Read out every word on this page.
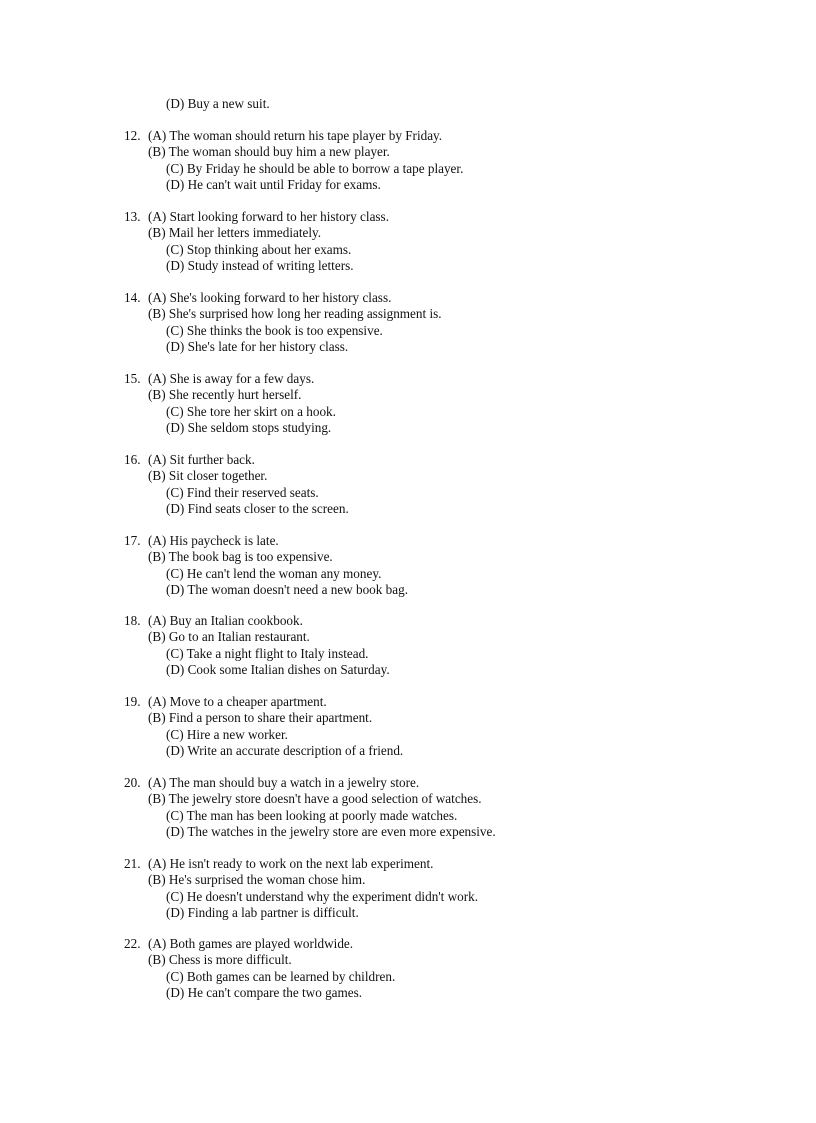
(D) Buy a new suit.
12. (A) The woman should return his tape player by Friday.
(B) The woman should buy him a new player.
(C) By Friday he should be able to borrow a tape player.
(D) He can't wait until Friday for exams.
13. (A) Start looking forward to her history class.
(B) Mail her letters immediately.
(C) Stop thinking about her exams.
(D) Study instead of writing letters.
14. (A) She's looking forward to her history class.
(B) She's surprised how long her reading assignment is.
(C) She thinks the book is too expensive.
(D) She's late for her history class.
15. (A) She is away for a few days.
(B) She recently hurt herself.
(C) She tore her skirt on a hook.
(D) She seldom stops studying.
16. (A) Sit further back.
(B) Sit closer together.
(C) Find their reserved seats.
(D) Find seats closer to the screen.
17. (A) His paycheck is late.
(B) The book bag is too expensive.
(C) He can't lend the woman any money.
(D) The woman doesn't need a new book bag.
18. (A) Buy an Italian cookbook.
(B) Go to an Italian restaurant.
(C) Take a night flight to Italy instead.
(D) Cook some Italian dishes on Saturday.
19. (A) Move to a cheaper apartment.
(B) Find a person to share their apartment.
(C) Hire a new worker.
(D) Write an accurate description of a friend.
20. (A) The man should buy a watch in a jewelry store.
(B) The jewelry store doesn't have a good selection of watches.
(C) The man has been looking at poorly made watches.
(D) The watches in the jewelry store are even more expensive.
21. (A) He isn't ready to work on the next lab experiment.
(B) He's surprised the woman chose him.
(C) He doesn't understand why the experiment didn't work.
(D) Finding a lab partner is difficult.
22. (A) Both games are played worldwide.
(B) Chess is more difficult.
(C) Both games can be learned by children.
(D) He can't compare the two games.
